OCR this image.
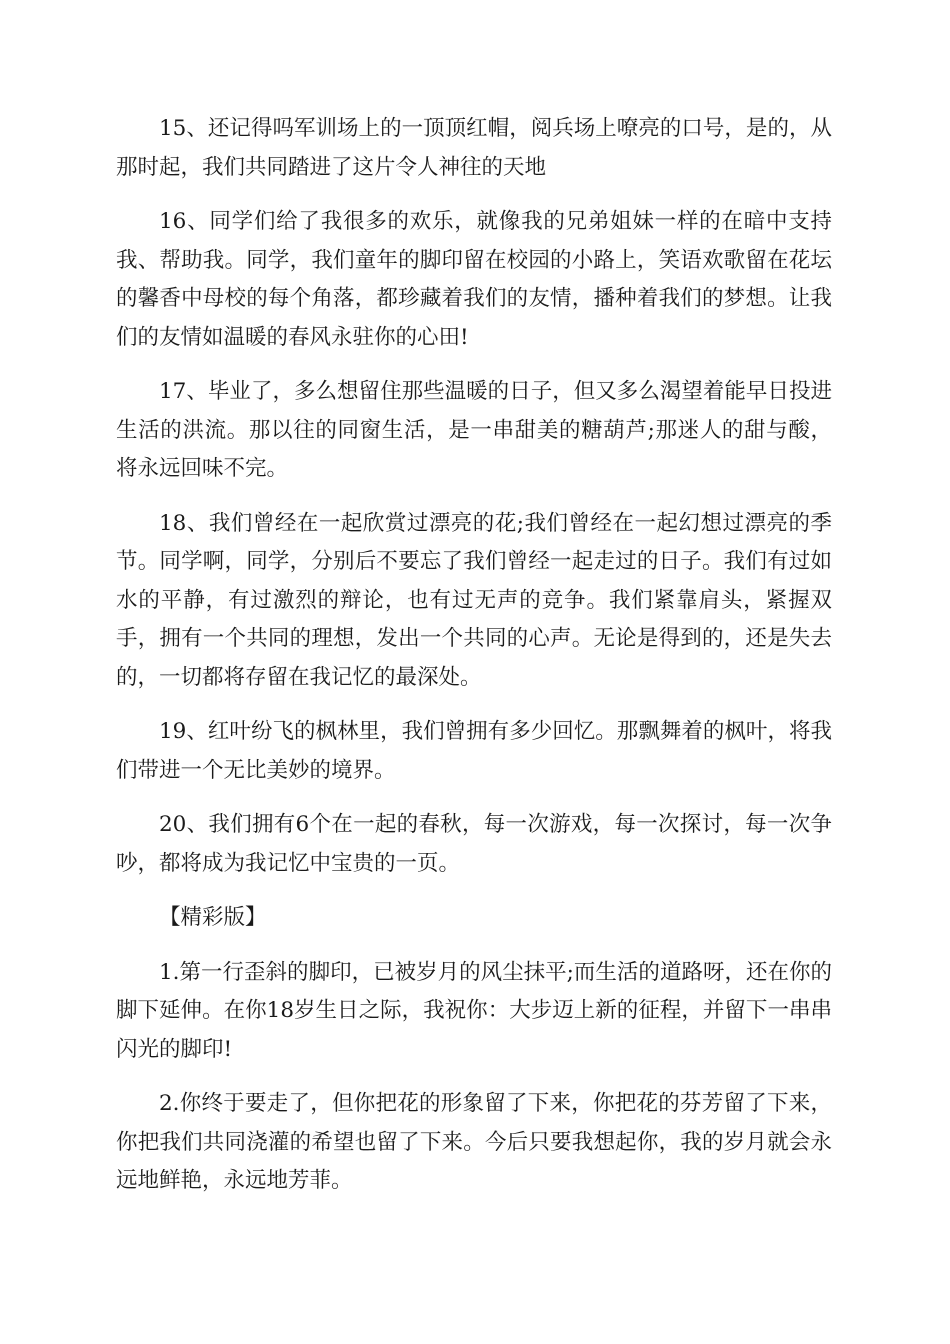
15、还记得吗军训场上的一顶顶红帽，阅兵场上嘹亮的口号，是的，从那时起，我们共同踏进了这片令人神往的天地

16、同学们给了我很多的欢乐，就像我的兄弟姐妹一样的在暗中支持我、帮助我。同学，我们童年的脚印留在校园的小路上，笑语欢歌留在花坛的馨香中母校的每个角落，都珍藏着我们的友情，播种着我们的梦想。让我们的友情如温暖的春风永驻你的心田!

17、毕业了，多么想留住那些温暖的日子，但又多么渴望着能早日投进生活的洪流。那以往的同窗生活，是一串甜美的糖葫芦;那迷人的甜与酸，将永远回味不完。

18、我们曾经在一起欣赏过漂亮的花;我们曾经在一起幻想过漂亮的季节。同学啊，同学，分别后不要忘了我们曾经一起走过的日子。我们有过如水的平静，有过激烈的辩论，也有过无声的竞争。我们紧靠肩头，紧握双手，拥有一个共同的理想，发出一个共同的心声。无论是得到的，还是失去的，一切都将存留在我记忆的最深处。

19、红叶纷飞的枫林里，我们曾拥有多少回忆。那飘舞着的枫叶，将我们带进一个无比美妙的境界。

20、我们拥有6个在一起的春秋，每一次游戏，每一次探讨，每一次争吵，都将成为我记忆中宝贵的一页。

【精彩版】

1.第一行歪斜的脚印，已被岁月的风尘抹平;而生活的道路呀，还在你的脚下延伸。在你18岁生日之际，我祝你：大步迈上新的征程，并留下一串串闪光的脚印!

2.你终于要走了，但你把花的形象留了下来，你把花的芬芳留了下来，你把我们共同浇灌的希望也留了下来。今后只要我想起你，我的岁月就会永远地鲜艳，永远地芳菲。
